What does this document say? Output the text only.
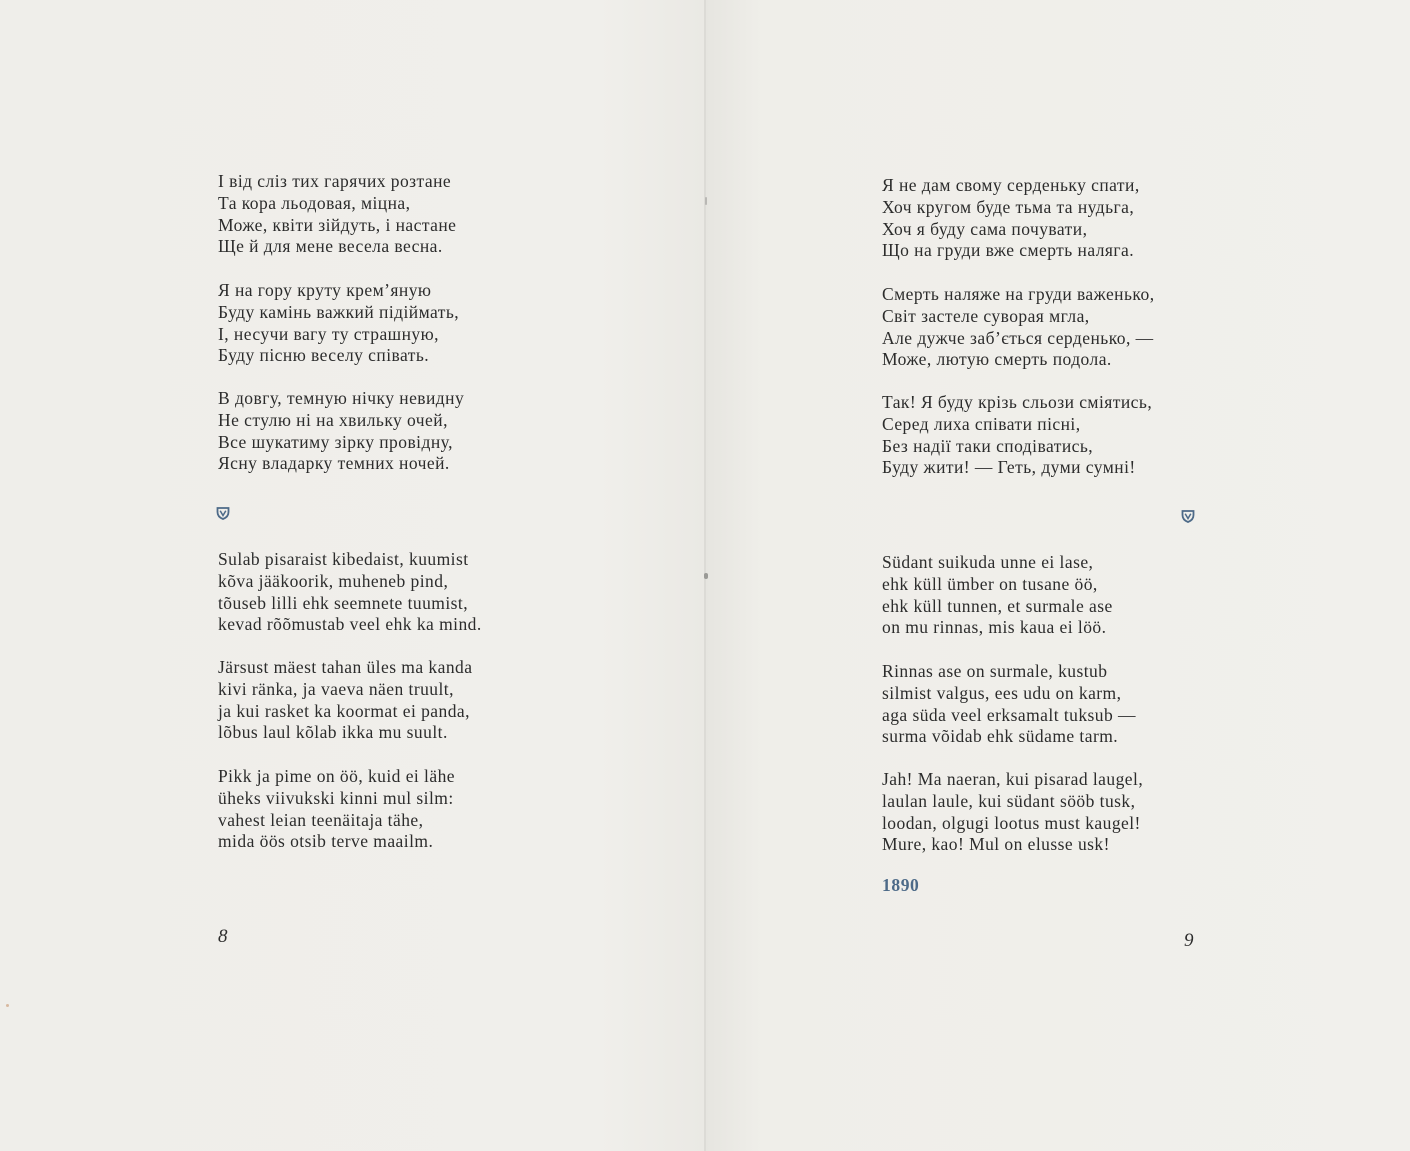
І від сліз тих гарячих розтане
Та кора льодовая, міцна,
Може, квіти зійдуть, і настане
Ще й для мене весела весна.
Я на гору круту крем’яную
Буду камінь важкий підіймать,
І, несучи вагу ту страшную,
Буду пісню веселу співать.
В довгу, темную нічку невидну
Не стулю ні на хвильку очей,
Все шукатиму зірку провідну,
Ясну владарку темних ночей.
Sulab pisaraist kibedaist, kuumist
kõva jääkoorik, muheneb pind,
tõuseb lilli ehk seemnete tuumist,
kevad rõõmustab veel ehk ka mind.
Järsust mäest tahan üles ma kanda
kivi ränka, ja vaeva näen truult,
ja kui rasket ka koormat ei panda,
lõbus laul kõlab ikka mu suult.
Pikk ja pime on öö, kuid ei lähe
üheks viivukski kinni mul silm:
vahest leian teenäitaja tähe,
mida öös otsib terve maailm.
8
Я не дам свому серденьку спати,
Хоч кругом буде тьма та нудьга,
Хоч я буду сама почувати,
Що на груди вже смерть наляга.
Смерть наляже на груди важенько,
Світ застеле суворая мгла,
Але дужче заб’ється серденько, —
Може, лютую смерть подола.
Так! Я буду крізь сльози сміятись,
Серед лиха співати пісні,
Без надії таки сподіватись,
Буду жити! — Геть, думи сумні!
Südant suikuda unne ei lase,
ehk küll ümber on tusane öö,
ehk küll tunnen, et surmale ase
on mu rinnas, mis kaua ei löö.
Rinnas ase on surmale, kustub
silmist valgus, ees udu on karm,
aga süda veel erksamalt tuksub —
surma võidab ehk südame tarm.
Jah! Ma naeran, kui pisarad laugel,
laulan laule, kui südant sööb tusk,
loodan, olgugi lootus must kaugel!
Mure, kao! Mul on elusse usk!
1890
9
